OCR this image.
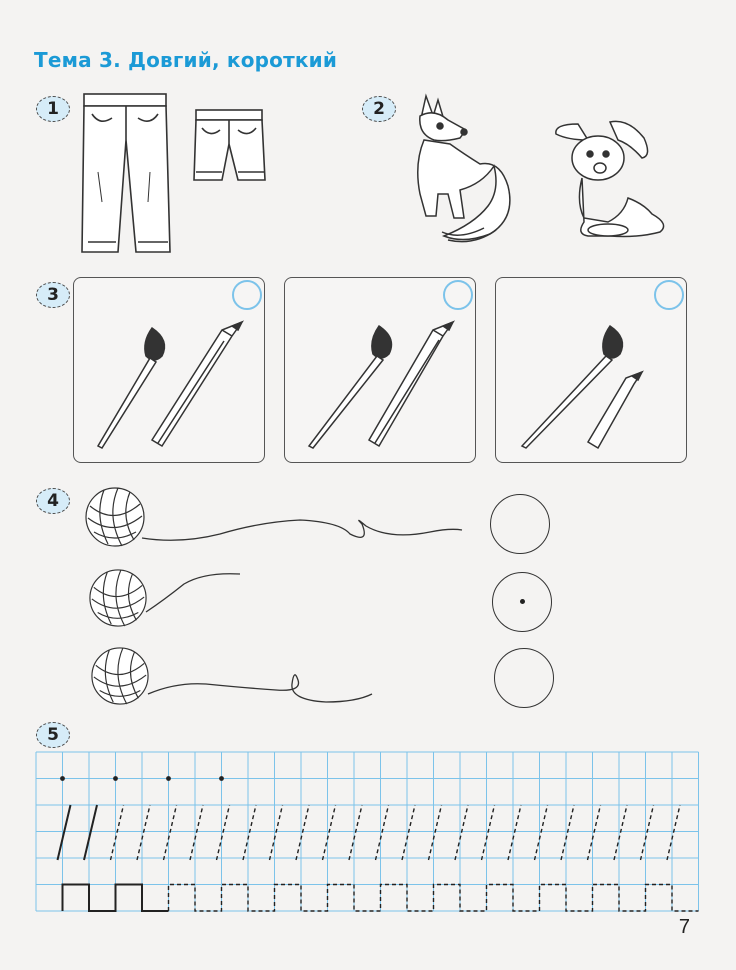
Тема 3. Довгий, короткий
1	2
3
4
5
7
